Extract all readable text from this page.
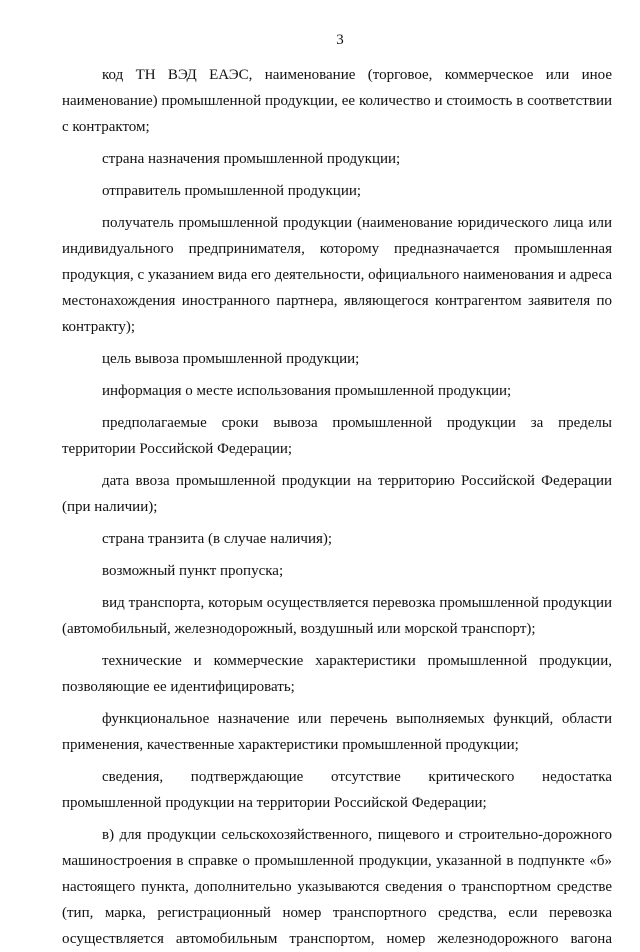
3

код ТН ВЭД ЕАЭС, наименование (торговое, коммерческое или иное наименование) промышленной продукции, ее количество и стоимость в соответствии с контрактом;

страна назначения промышленной продукции;

отправитель промышленной продукции;

получатель промышленной продукции (наименование юридического лица или индивидуального предпринимателя, которому предназначается промышленная продукция, с указанием вида его деятельности, официального наименования и адреса местонахождения иностранного партнера, являющегося контрагентом заявителя по контракту);

цель вывоза промышленной продукции;

информация о месте использования промышленной продукции;

предполагаемые сроки вывоза промышленной продукции за пределы территории Российской Федерации;

дата ввоза промышленной продукции на территорию Российской Федерации (при наличии);

страна транзита (в случае наличия);

возможный пункт пропуска;

вид транспорта, которым осуществляется перевозка промышленной продукции (автомобильный, железнодорожный, воздушный или морской транспорт);

технические и коммерческие характеристики промышленной продукции, позволяющие ее идентифицировать;

функциональное назначение или перечень выполняемых функций, области применения, качественные характеристики промышленной продукции;

сведения, подтверждающие отсутствие критического недостатка промышленной продукции на территории Российской Федерации;

в) для продукции сельскохозяйственного, пищевого и строительно-дорожного машиностроения в справке о промышленной продукции, указанной в подпункте «б» настоящего пункта, дополнительно указываются сведения о транспортном средстве (тип, марка, регистрационный номер транспортного средства, если перевозка осуществляется автомобильным транспортом, номер железнодорожного вагона
